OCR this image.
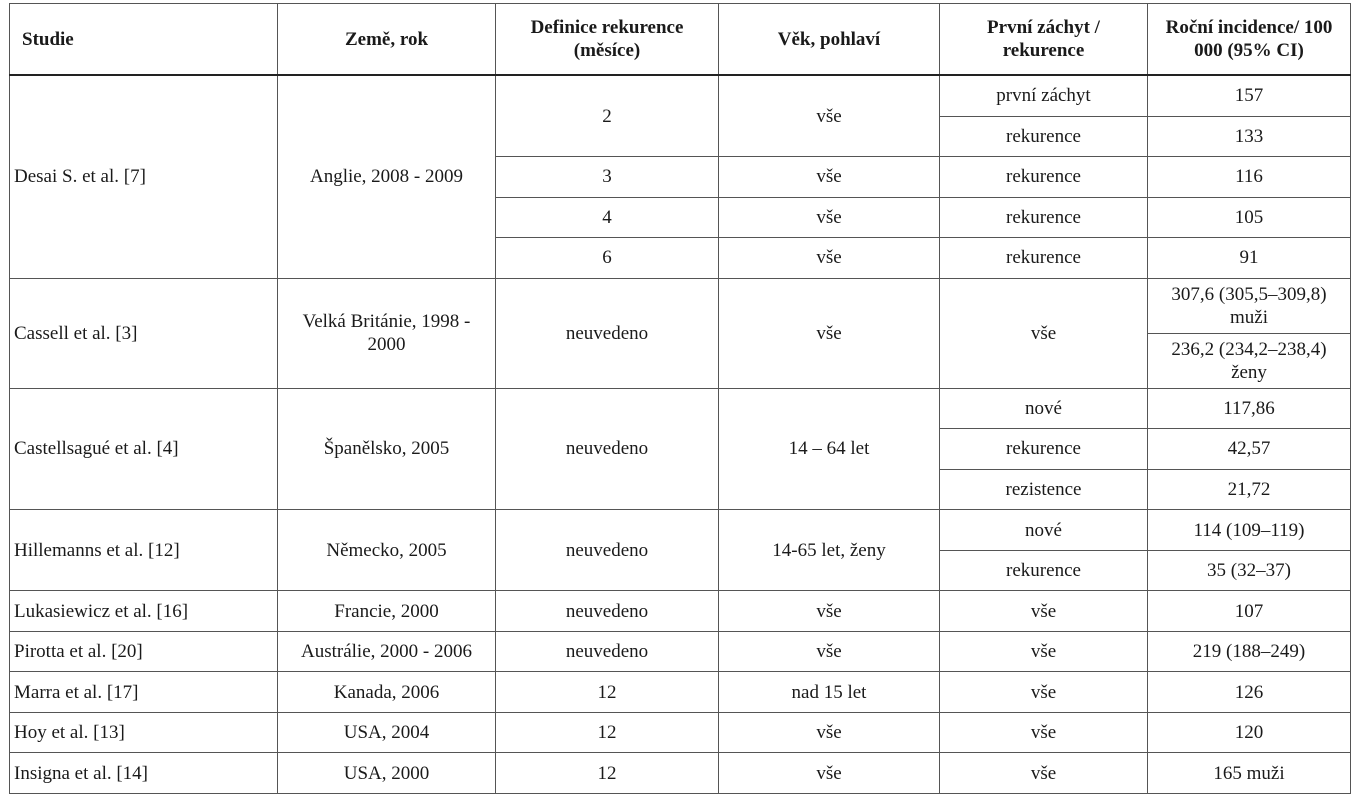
Studie	Země, rok	Definice rekurence (měsíce)	Věk, pohlaví	První záchyt / rekurence	Roční incidence/ 100 000 (95% CI)
Desai S. et al. [7]	Anglie, 2008 - 2009	2	vše	první záchyt	157
				rekurence	133
		3	vše	rekurence	116
		4	vše	rekurence	105
		6	vše	rekurence	91
Cassell et al. [3]	Velká Británie, 1998 - 2000	neuvedeno	vše	vše	307,6 (305,5–309,8) muži
					236,2 (234,2–238,4) ženy
Castellsagué et al. [4]	Španělsko, 2005	neuvedeno	14 – 64 let	nové	117,86
				rekurence	42,57
				rezistence	21,72
Hillemanns et al. [12]	Německo, 2005	neuvedeno	14-65 let, ženy	nové	114 (109–119)
				rekurence	35 (32–37)
Lukasiewicz et al. [16]	Francie, 2000	neuvedeno	vše	vše	107
Pirotta et al. [20]	Austrálie, 2000 - 2006	neuvedeno	vše	vše	219 (188–249)
Marra et al. [17]	Kanada, 2006	12	nad 15 let	vše	126
Hoy et al. [13]	USA, 2004	12	vše	vše	120
Insigna et al. [14]	USA, 2000	12	vše	vše	165 muži
